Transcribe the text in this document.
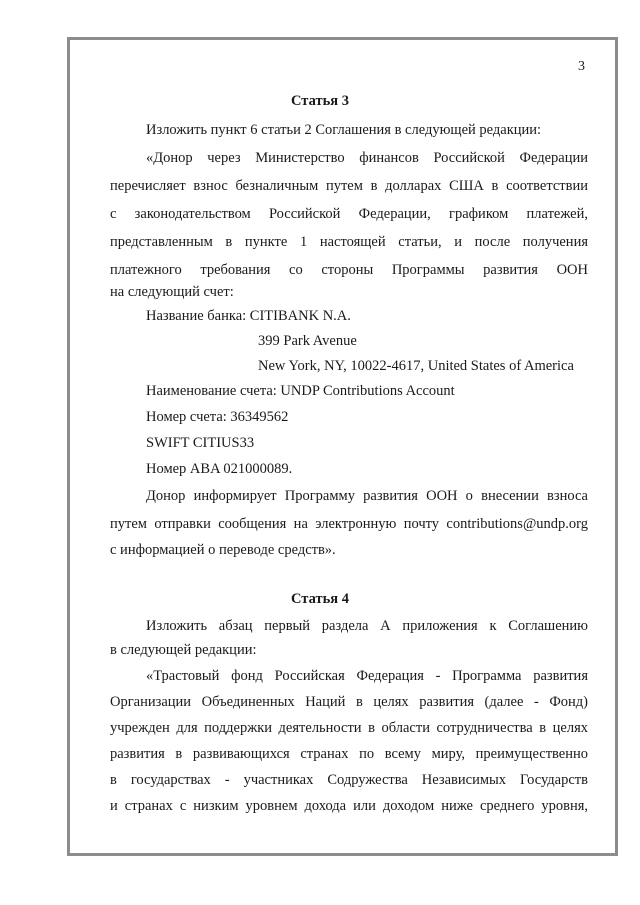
3
Статья 3
Изложить пункт 6 статьи 2 Соглашения в следующей редакции:
«Донор через Министерство финансов Российской Федерации
перечисляет взнос безналичным путем в долларах США в соответствии
с законодательством Российской Федерации, графиком платежей,
представленным в пункте 1 настоящей статьи, и после получения
платежного требования со стороны Программы развития ООН
на следующий счет:
Название банка: CITIBANK N.A.
399 Park Avenue
New York, NY, 10022-4617, United States of America
Наименование счета: UNDP Contributions Account
Номер счета: 36349562
SWIFT CITIUS33
Номер ABA 021000089.
Донор информирует Программу развития ООН о внесении взноса
путем отправки сообщения на электронную почту contributions@undp.org
с информацией о переводе средств».
Статья 4
Изложить абзац первый раздела А приложения к Соглашению
в следующей редакции:
«Трастовый фонд Российская Федерация - Программа развития
Организации Объединенных Наций в целях развития (далее - Фонд)
учрежден для поддержки деятельности в области сотрудничества в целях
развития в развивающихся странах по всему миру, преимущественно
в государствах - участниках Содружества Независимых Государств
и странах с низким уровнем дохода или доходом ниже среднего уровня,
